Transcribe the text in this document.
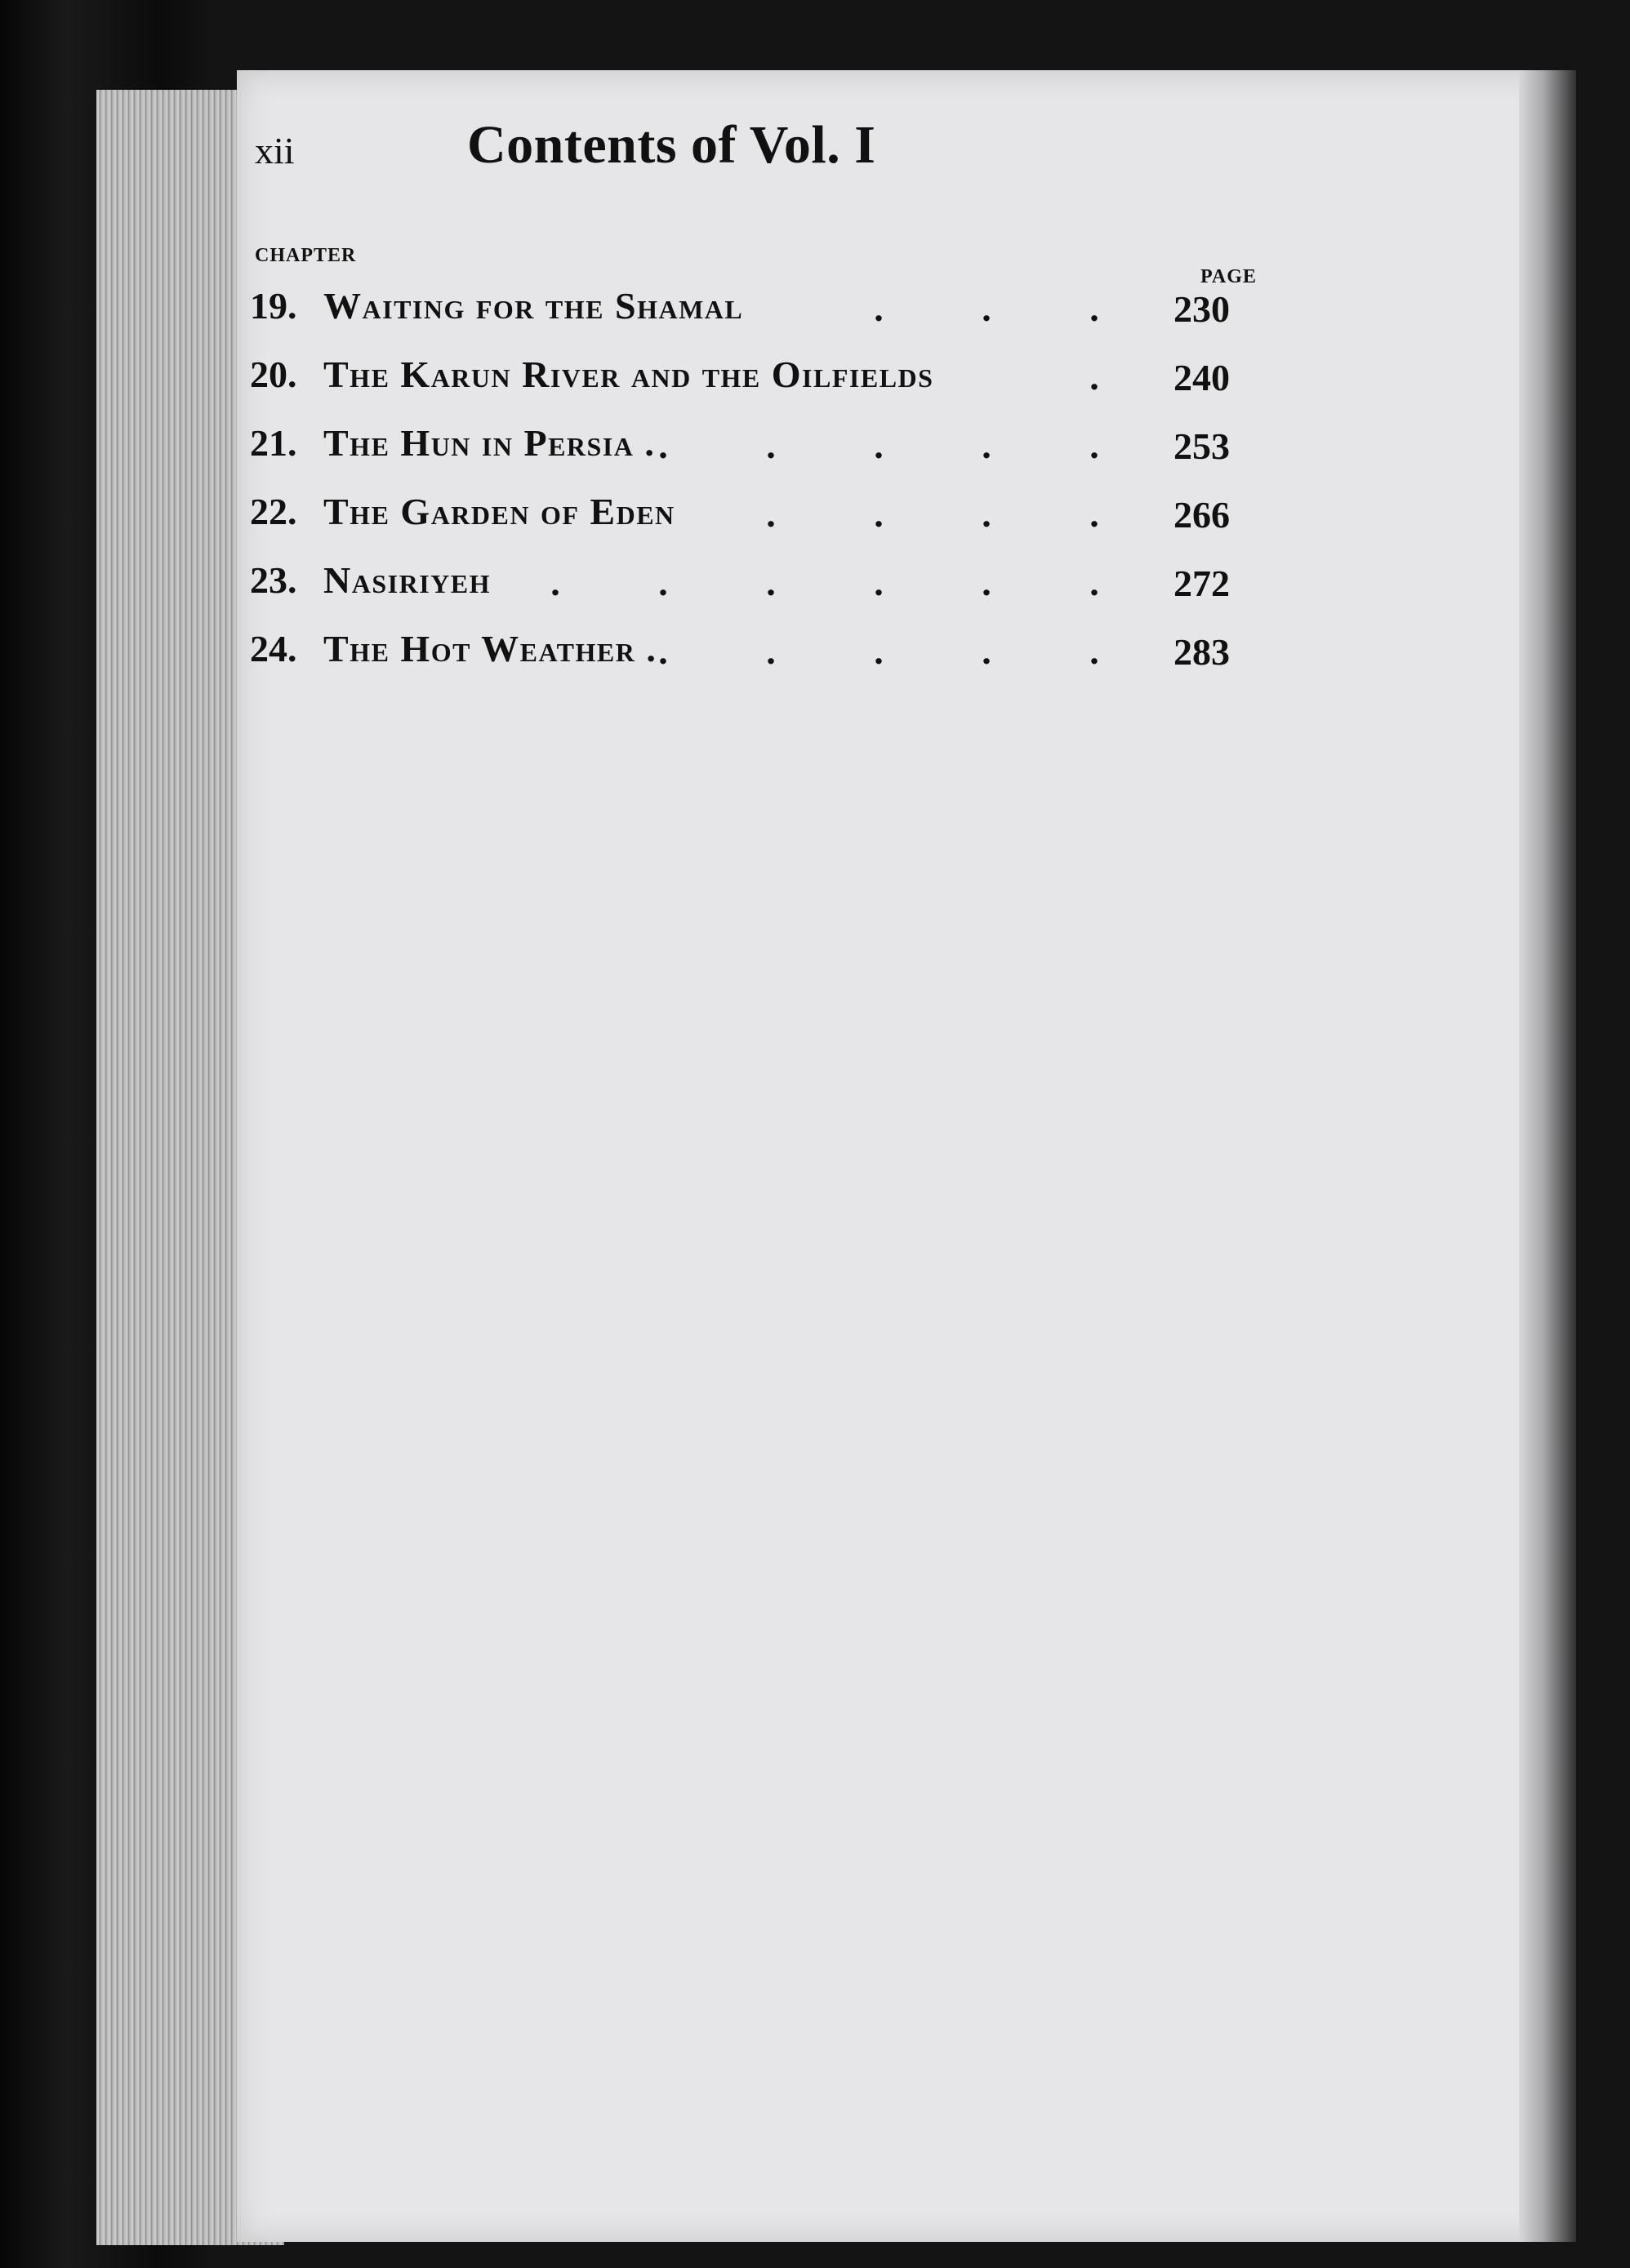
xii	Contents of Vol. I
CHAPTER
PAGE
19. Waiting for the Shamal	.	.	.	230
20. The Karun River and the Oilfields	.	240
21. The Hun in Persia . .	.	.	.	.	253
22. The Garden of Eden	.	.	.	.	266
23. Nasiriyeh	.	.	.	.	.	.	272
24. The Hot Weather . .	.	.	.	.	283
